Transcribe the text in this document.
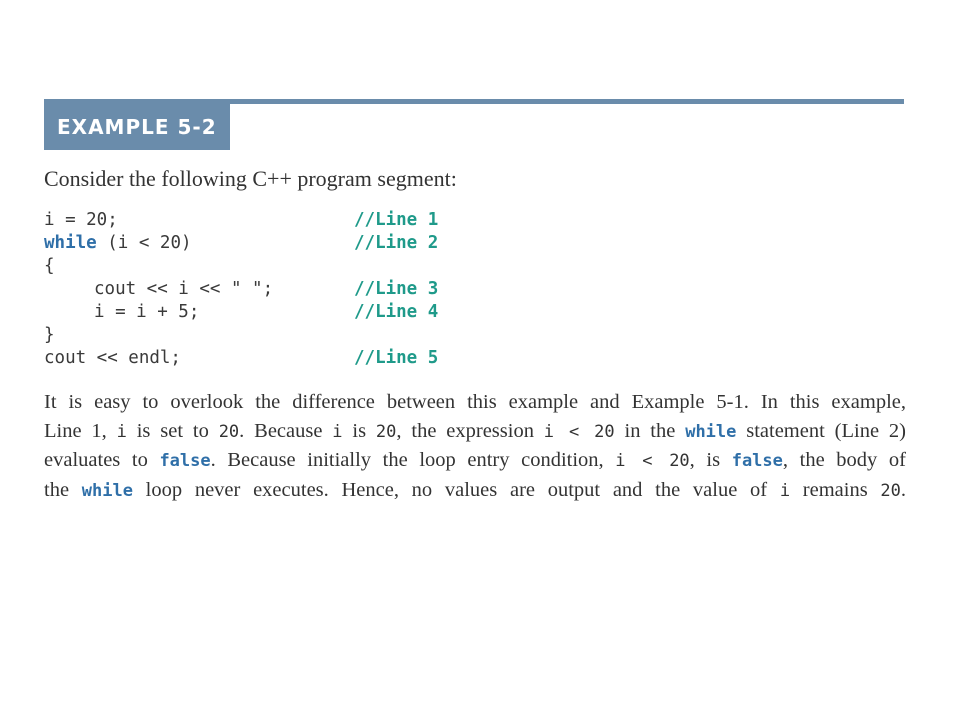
EXAMPLE 5-2
Consider the following C++ program segment:

i = 20;

	//Line 1

while (i < 20)

	//Line 2

{

cout << i << " ";

	//Line 3

i = i + 5;

	//Line 4

}

cout << endl;

	//Line 5

It is easy to overlook the difference between this example and Example 5-1. In this example,
Line 1, i is set to 20. Because i is 20, the expression i < 20 in the while statement (Line 2)
evaluates to false. Because initially the loop entry condition, i < 20, is false, the body of
the while loop never executes. Hence, no values are output and the value of i remains 20.
